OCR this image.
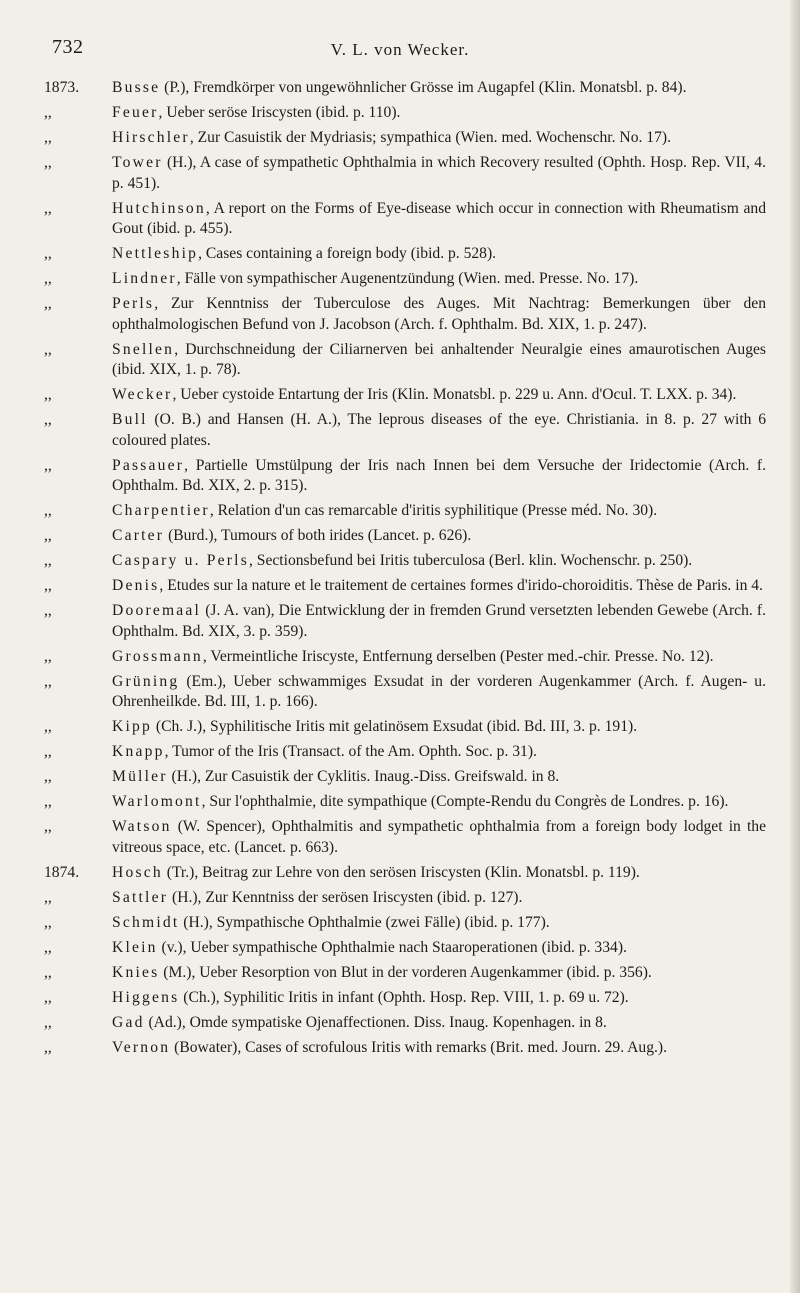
732	V. L. von Wecker.
1873.	Busse (P.), Fremdkörper von ungewöhnlicher Grösse im Augapfel (Klin. Monatsbl. p. 84).
,,	Feuer, Ueber seröse Iriscysten (ibid. p. 110).
,,	Hirschler, Zur Casuistik der Mydriasis; sympathica (Wien. med. Wochenschr. No. 17).
,,	Tower (H.), A case of sympathetic Ophthalmia in which Recovery resulted (Ophth. Hosp. Rep. VII, 4. p. 451).
,,	Hutchinson, A report on the Forms of Eye-disease which occur in connection with Rheumatism and Gout (ibid. p. 455).
,,	Nettleship, Cases containing a foreign body (ibid. p. 528).
,,	Lindner, Fälle von sympathischer Augenentzündung (Wien. med. Presse. No. 17).
,,	Perls, Zur Kenntniss der Tuberculose des Auges. Mit Nachtrag: Bemerkungen über den ophthalmologischen Befund von J. Jacobson (Arch. f. Ophthalm. Bd. XIX, 1. p. 247).
,,	Snellen, Durchschneidung der Ciliarnerven bei anhaltender Neuralgie eines amaurotischen Auges (ibid. XIX, 1. p. 78).
,,	Wecker, Ueber cystoide Entartung der Iris (Klin. Monatsbl. p. 229 u. Ann. d'Ocul. T. LXX. p. 34).
,,	Bull (O. B.) and Hansen (H. A.), The leprous diseases of the eye. Christiania. in 8. p. 27 with 6 coloured plates.
,,	Passauer, Partielle Umstülpung der Iris nach Innen bei dem Versuche der Iridectomie (Arch. f. Ophthalm. Bd. XIX, 2. p. 315).
,,	Charpentier, Relation d'un cas remarcable d'iritis syphilitique (Presse méd. No. 30).
,,	Carter (Burd.), Tumours of both irides (Lancet. p. 626).
,,	Caspary u. Perls, Sectionsbefund bei Iritis tuberculosa (Berl. klin. Wochenschr. p. 250).
,,	Denis, Etudes sur la nature et le traitement de certaines formes d'irido-choroiditis. Thèse de Paris. in 4.
,,	Dooremaal (J. A. van), Die Entwicklung der in fremden Grund versetzten lebenden Gewebe (Arch. f. Ophthalm. Bd. XIX, 3. p. 359).
,,	Grossmann, Vermeintliche Iriscyste, Entfernung derselben (Pester med.-chir. Presse. No. 12).
,,	Grüning (Em.), Ueber schwammiges Exsudat in der vorderen Augenkammer (Arch. f. Augen- u. Ohrenheilkde. Bd. III, 1. p. 166).
,,	Kipp (Ch. J.), Syphilitische Iritis mit gelatinösem Exsudat (ibid. Bd. III, 3. p. 191).
,,	Knapp, Tumor of the Iris (Transact. of the Am. Ophth. Soc. p. 31).
,,	Müller (H.), Zur Casuistik der Cyklitis. Inaug.-Diss. Greifswald. in 8.
,,	Warlomont, Sur l'ophthalmie, dite sympathique (Compte-Rendu du Congrès de Londres. p. 16).
,,	Watson (W. Spencer), Ophthalmitis and sympathetic ophthalmia from a foreign body lodget in the vitreous space, etc. (Lancet. p. 663).
1874.	Hosch (Tr.), Beitrag zur Lehre von den serösen Iriscysten (Klin. Monatsbl. p. 119).
,,	Sattler (H.), Zur Kenntniss der serösen Iriscysten (ibid. p. 127).
,,	Schmidt (H.), Sympathische Ophthalmie (zwei Fälle) (ibid. p. 177).
,,	Klein (v.), Ueber sympathische Ophthalmie nach Staaroperationen (ibid. p. 334).
,,	Knies (M.), Ueber Resorption von Blut in der vorderen Augenkammer (ibid. p. 356).
,,	Higgens (Ch.), Syphilitic Iritis in infant (Ophth. Hosp. Rep. VIII, 1. p. 69 u. 72).
,,	Gad (Ad.), Omde sympatiske Ojenaffectionen. Diss. Inaug. Kopenhagen. in 8.
,,	Vernon (Bowater), Cases of scrofulous Iritis with remarks (Brit. med. Journ. 29. Aug.).
